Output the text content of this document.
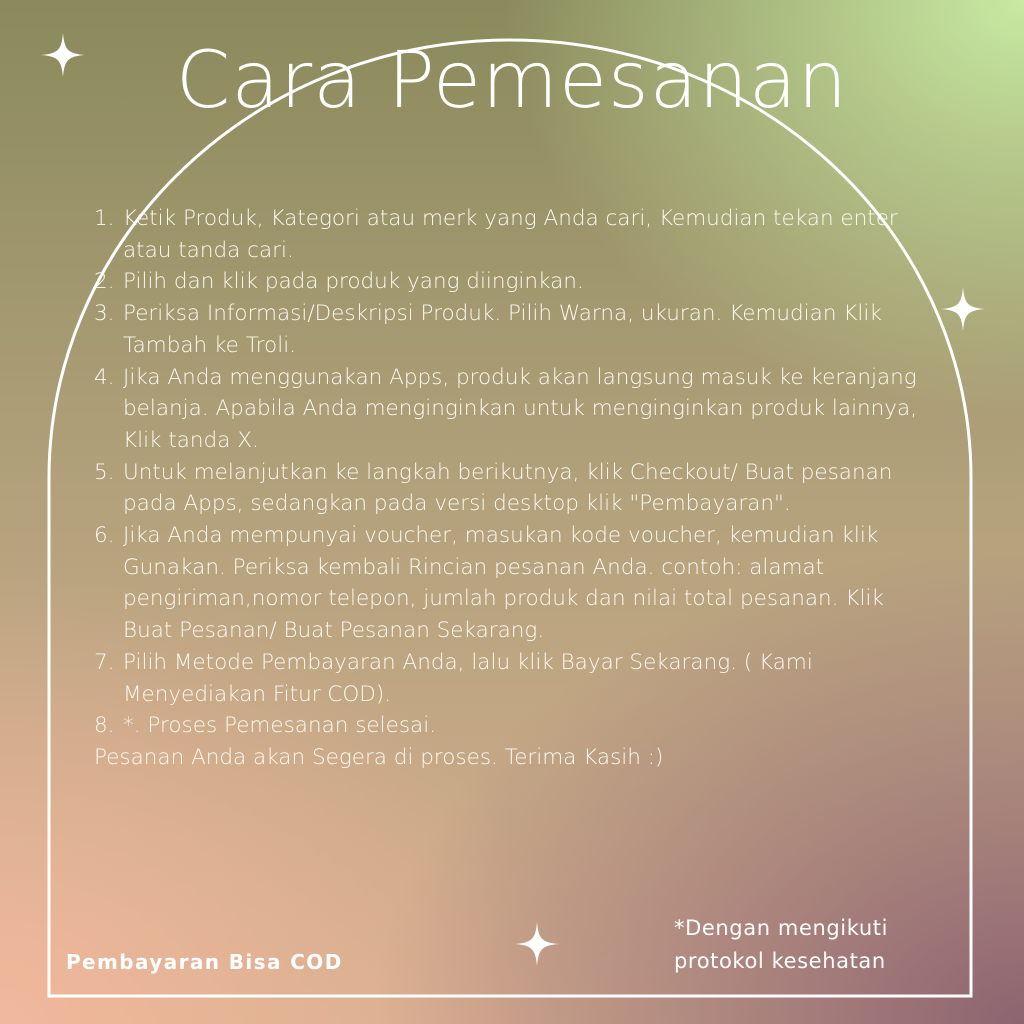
Cara Pemesanan
1. Ketik Produk, Kategori atau merk yang Anda cari, Kemudian tekan enter atau tanda cari.
2. Pilih dan klik pada produk yang diinginkan.
3. Periksa Informasi/Deskripsi Produk. Pilih Warna, ukuran. Kemudian Klik Tambah ke Troli.
4. Jika Anda menggunakan Apps, produk akan langsung masuk ke keranjang belanja. Apabila Anda menginginkan untuk menginginkan produk lainnya, Klik tanda X.
5. Untuk melanjutkan ke langkah berikutnya, klik Checkout/ Buat pesanan pada Apps, sedangkan pada versi desktop klik "Pembayaran".
6. Jika Anda mempunyai voucher, masukan kode voucher, kemudian klik Gunakan. Periksa kembali Rincian pesanan Anda. contoh: alamat pengiriman,nomor telepon, jumlah produk dan nilai total pesanan. Klik Buat Pesanan/ Buat Pesanan Sekarang.
7. Pilih Metode Pembayaran Anda, lalu klik Bayar Sekarang. ( Kami Menyediakan Fitur COD).
8. *. Proses Pemesanan selesai.
Pesanan Anda akan Segera di proses. Terima Kasih :)
Pembayaran Bisa COD
*Dengan mengikuti
protokol kesehatan
